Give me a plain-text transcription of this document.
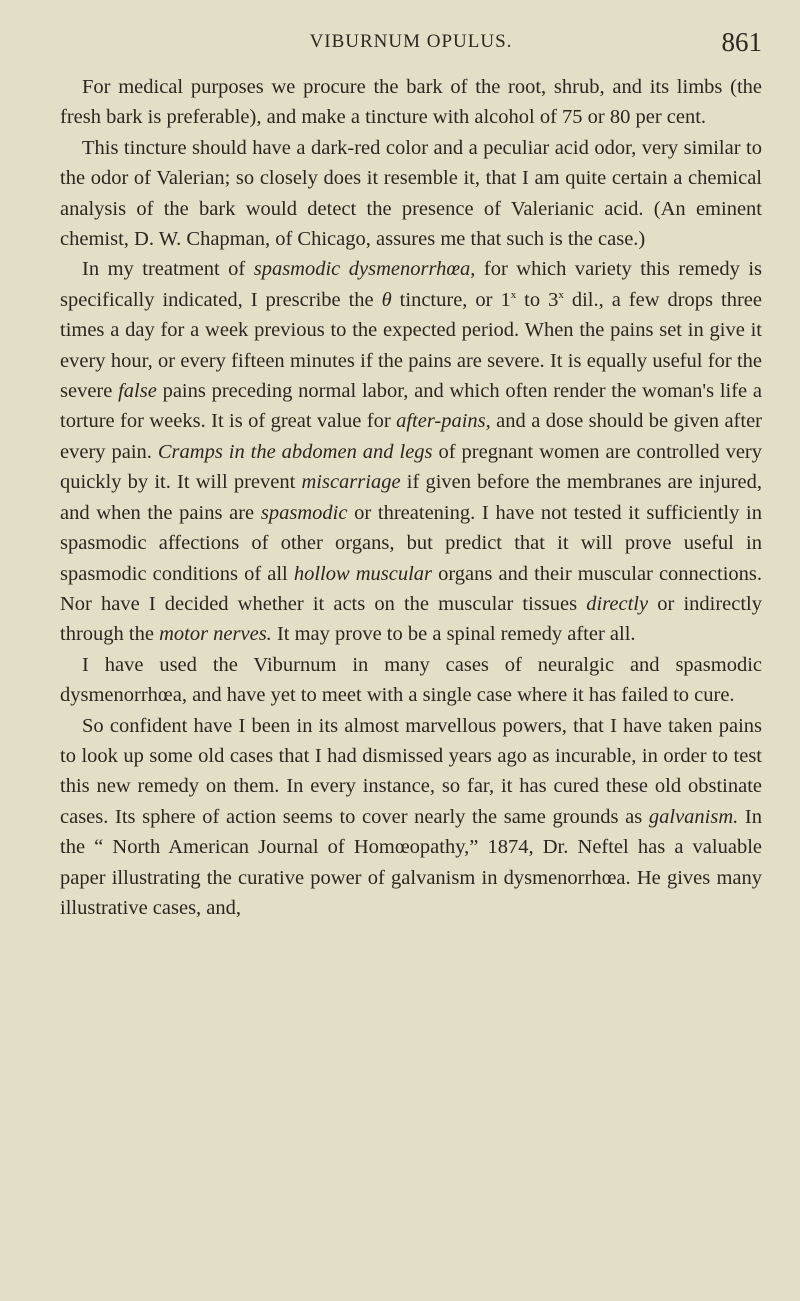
VIBURNUM OPULUS.	861

For medical purposes we procure the bark of the root, shrub, and its limbs (the fresh bark is preferable), and make a tincture with alcohol of 75 or 80 per cent.

This tincture should have a dark-red color and a peculiar acid odor, very similar to the odor of Valerian; so closely does it resemble it, that I am quite certain a chemical analysis of the bark would detect the presence of Valerianic acid. (An eminent chemist, D. W. Chapman, of Chicago, assures me that such is the case.)

In my treatment of spasmodic dysmenorrhœa, for which variety this remedy is specifically indicated, I prescribe the θ tincture, or 1$^x$ to 3$^x$ dil., a few drops three times a day for a week previous to the expected period. When the pains set in give it every hour, or every fifteen minutes if the pains are severe. It is equally useful for the severe false pains preceding normal labor, and which often render the woman's life a torture for weeks. It is of great value for after-pains, and a dose should be given after every pain. Cramps in the abdomen and legs of pregnant women are controlled very quickly by it. It will prevent miscarriage if given before the membranes are injured, and when the pains are spasmodic or threatening. I have not tested it sufficiently in spasmodic affections of other organs, but predict that it will prove useful in spasmodic conditions of all hollow muscular organs and their muscular connections. Nor have I decided whether it acts on the muscular tissues directly or indirectly through the motor nerves. It may prove to be a spinal remedy after all.

I have used the Viburnum in many cases of neuralgic and spasmodic dysmenorrhœa, and have yet to meet with a single case where it has failed to cure.

So confident have I been in its almost marvellous powers, that I have taken pains to look up some old cases that I had dismissed years ago as incurable, in order to test this new remedy on them. In every instance, so far, it has cured these old obstinate cases. Its sphere of action seems to cover nearly the same grounds as galvanism. In the “ North American Journal of Homœopathy,” 1874, Dr. Neftel has a valuable paper illustrating the curative power of galvanism in dysmenorrhœa. He gives many illustrative cases, and,
